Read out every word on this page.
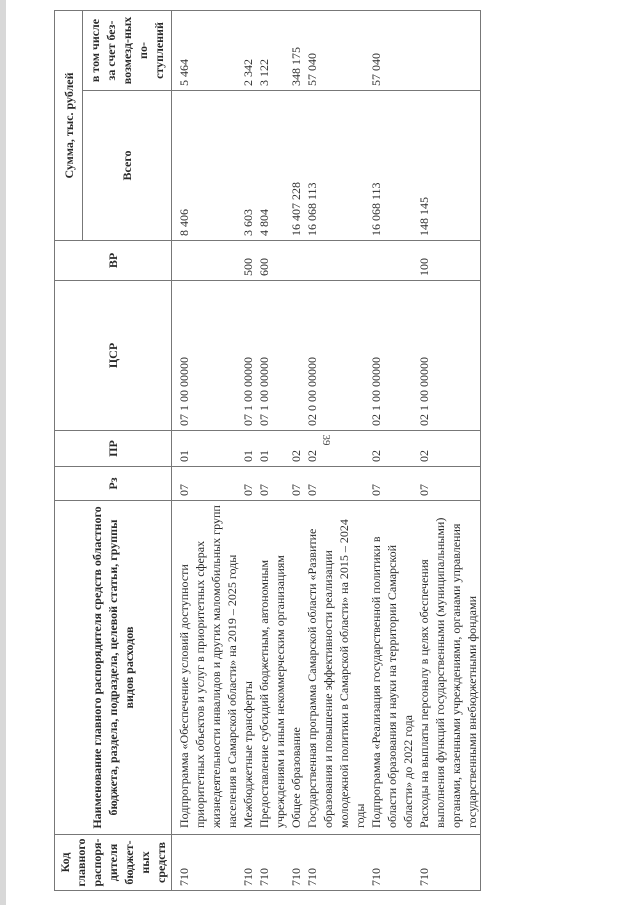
39
Код главного распоря-дителя бюджет-ных средств	Наименование главного распорядителя средств областного бюджета, раздела, подраздела, целевой статьи, группы видов расходов	Рз	ПР	ЦСР	ВР	Сумма, тыс. рублей	
						Всего	в том числе за счет без-возмезд-ных по-ступлений
710	Подпрограмма «Обеспечение условий доступности приоритетных объектов и услуг в приоритетных сферах жизнедеятельности инвалидов и других маломобильных групп населения в Самарской области» на 2019 – 2025 годы	07	01	07 1 00 00000		8 406	5 464
710	Межбюджетные трансферты	07	01	07 1 00 00000	500	3 603	2 342
710	Предоставление субсидий бюджетным, автономным учреждениям и иным некоммерческим организациям	07	01	07 1 00 00000	600	4 804	3 122
710	Общее образование	07	02			16 407 228	348 175
710	Государственная программа Самарской области «Развитие образования и повышение эффективности реализации молодежной политики в Самарской области» на 2015 – 2024 годы	07	02	02 0 00 00000		16 068 113	57 040
710	Подпрограмма «Реализация государственной политики в области образования и науки на территории Самарской области» до 2022 года	07	02	02 1 00 00000		16 068 113	57 040
710	Расходы на выплаты персоналу в целях обеспечения выполнения функций государственными (муниципальными) органами, казенными учреждениями, органами управления государственными внебюджетными фондами	07	02	02 1 00 00000	100	148 145	
